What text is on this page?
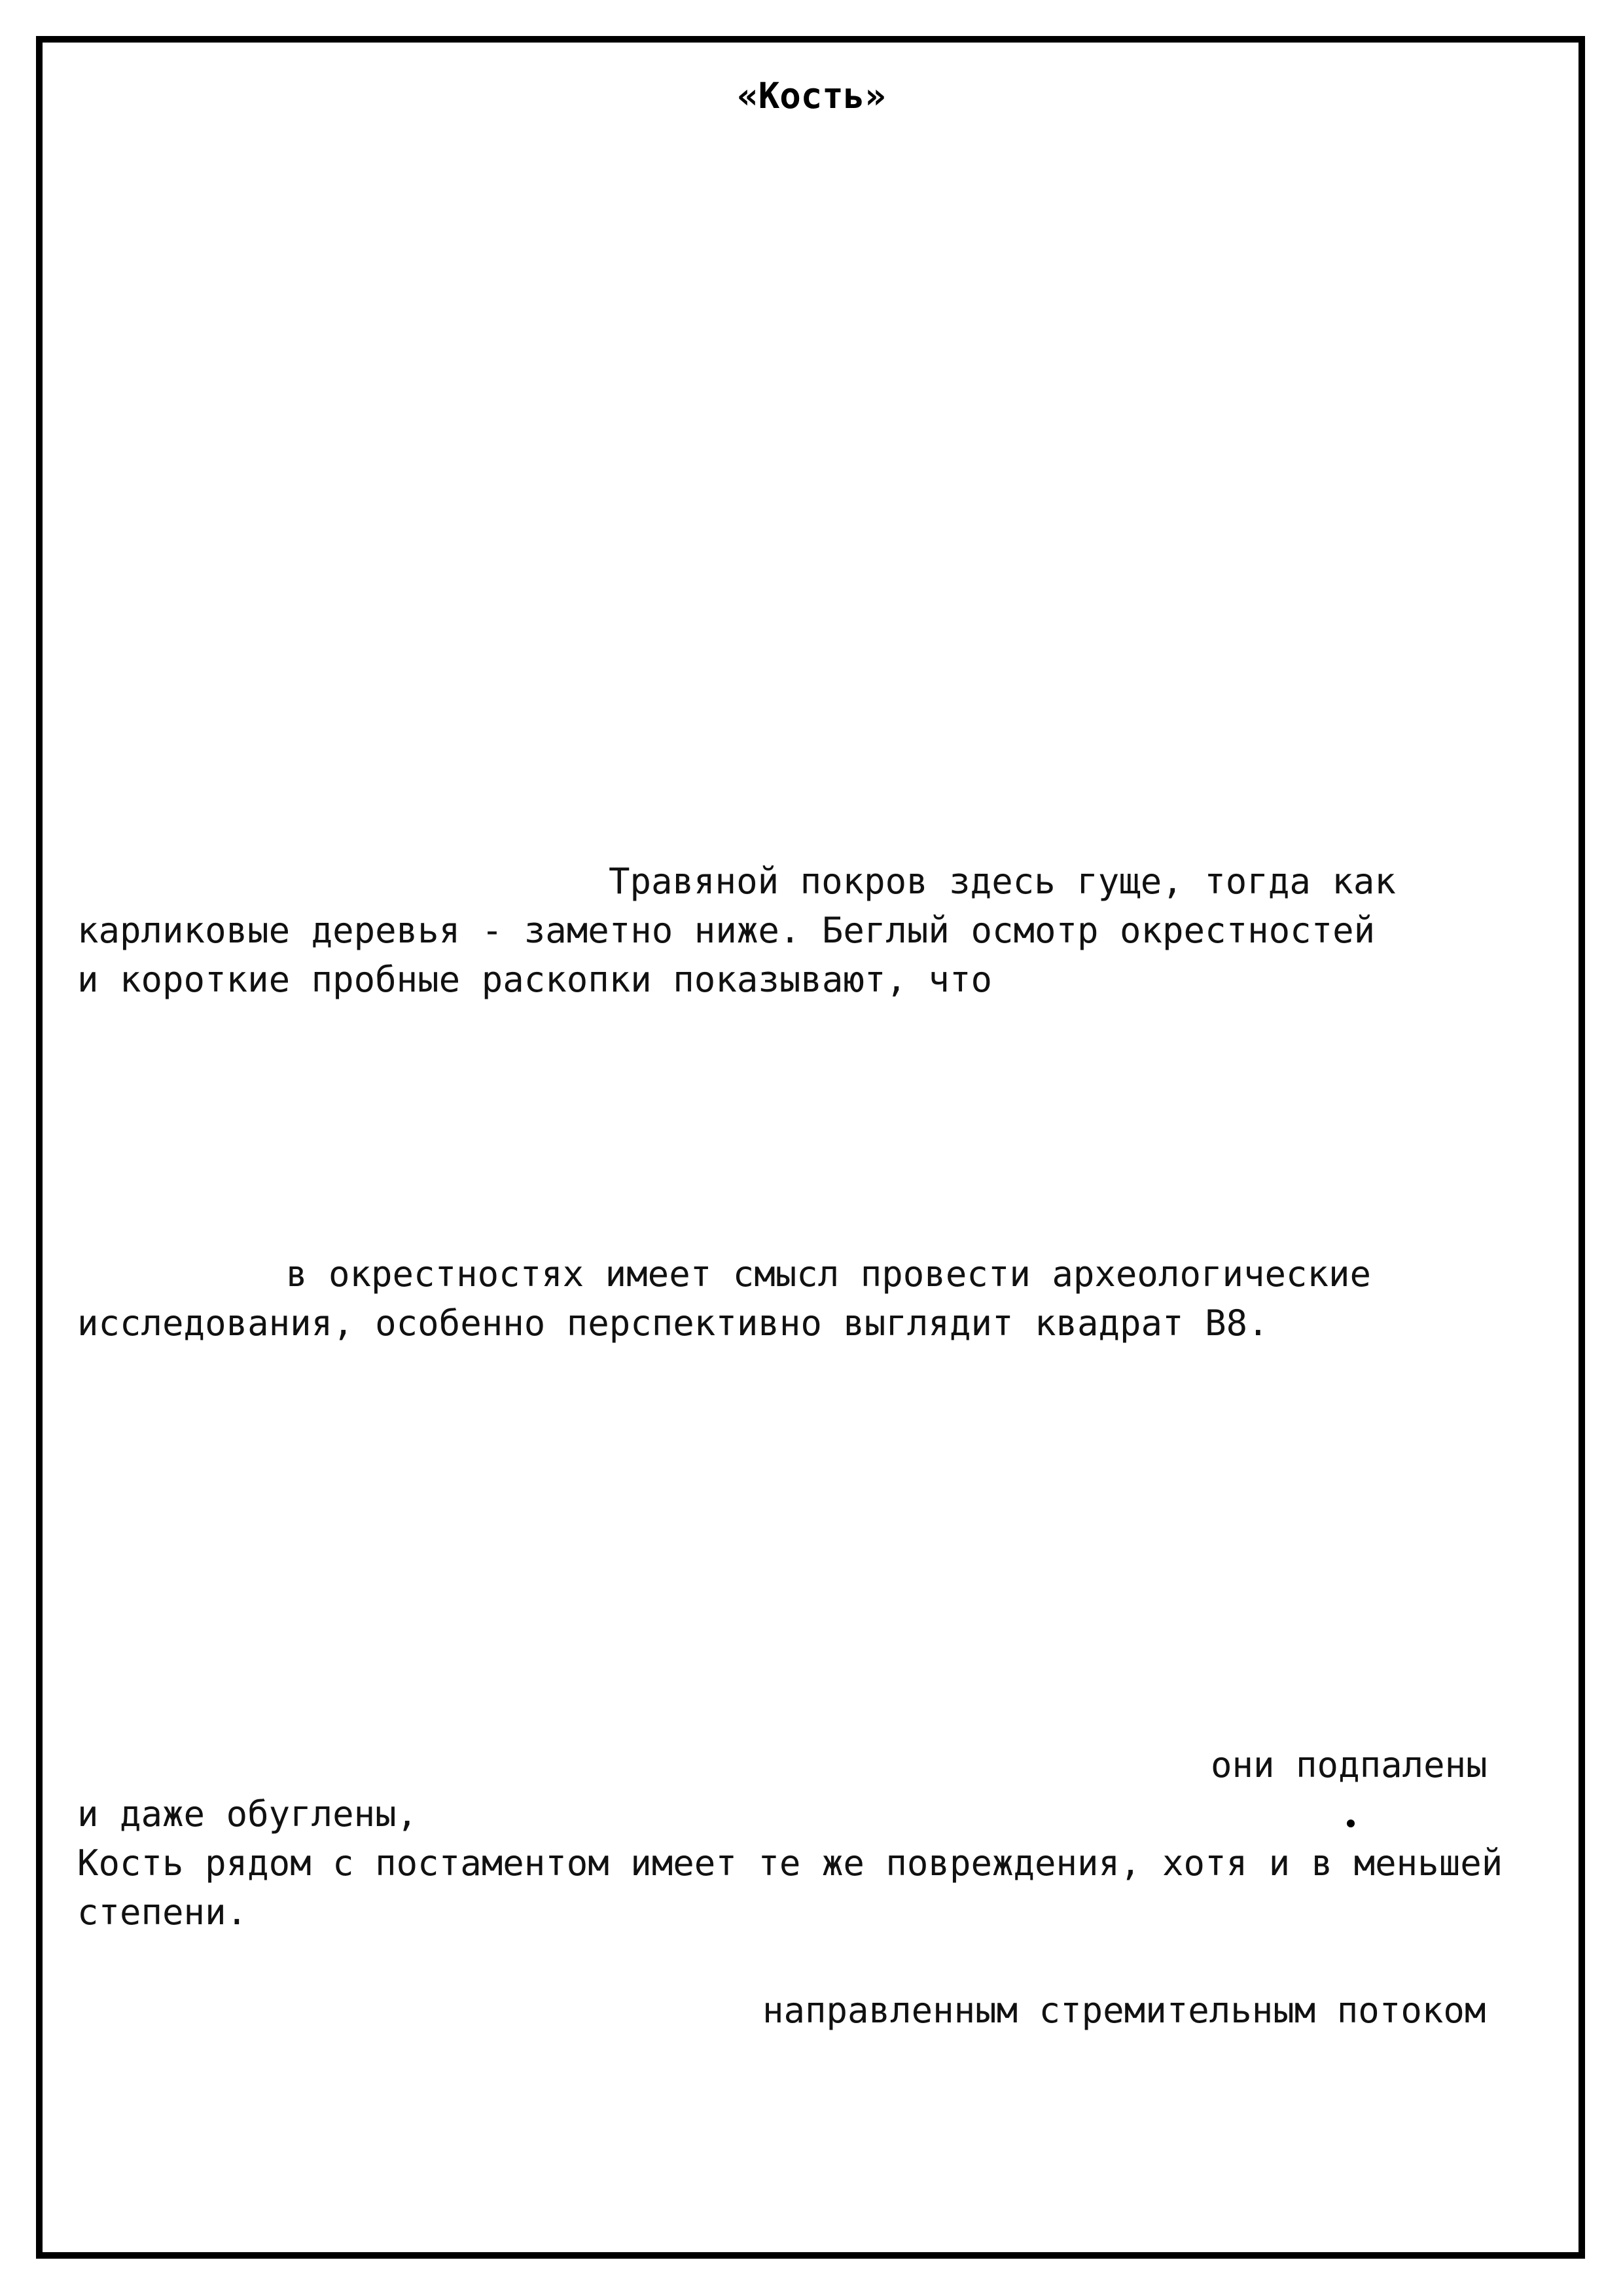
«Кость»
Травяной покров здесь гуще, тогда как
карликовые деревья - заметно ниже. Беглый осмотр окрестностей
и короткие пробные раскопки показывают, что
в окрестностях имеет смысл провести археологические
исследования, особенно перспективно выглядит квадрат В8.
они подпалены
и даже обуглены,
Кость рядом с постаментом имеет те же повреждения, хотя и в меньшей
степени.
направленным стремительным потоком
